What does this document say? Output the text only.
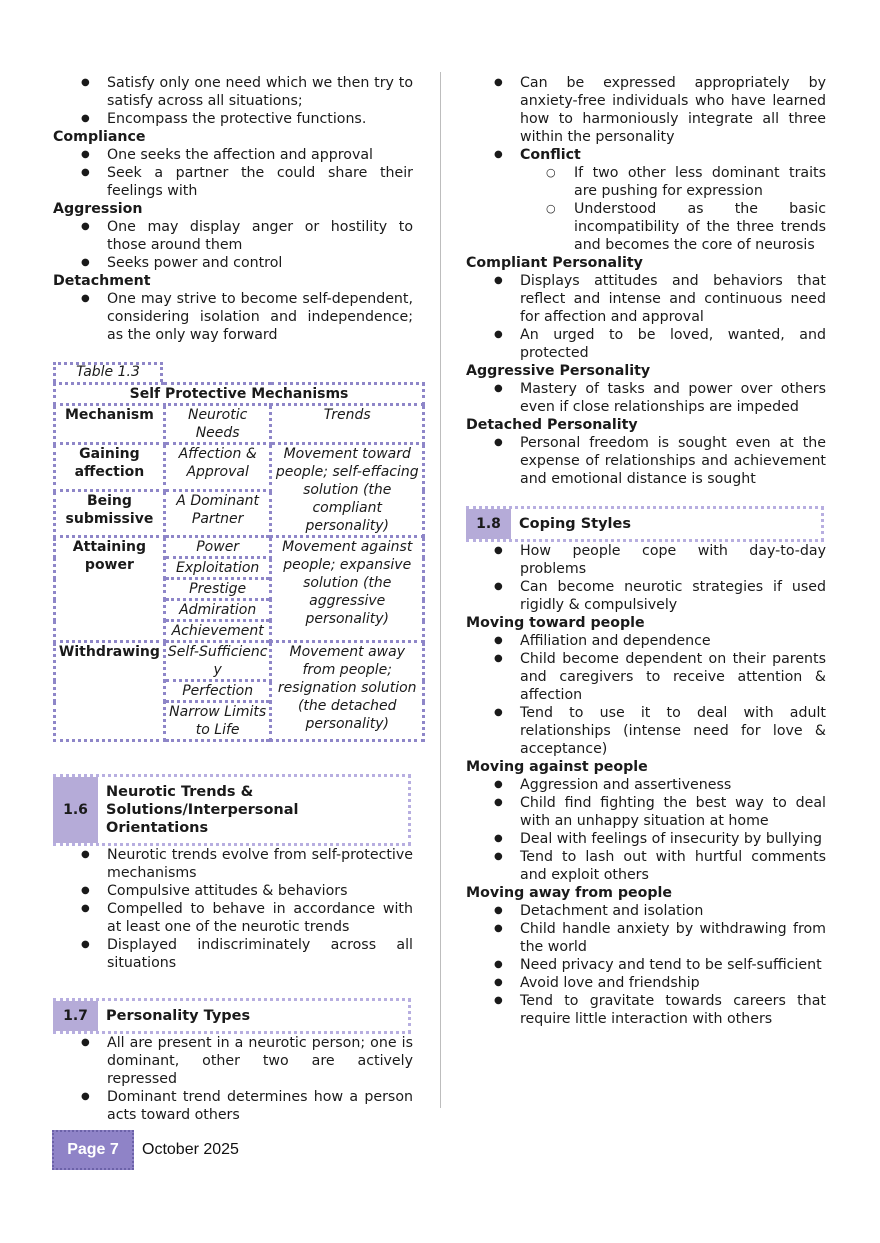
● Satisfy only one need which we then try to satisfy across all situations;
● Encompass the protective functions.
Compliance
● One seeks the affection and approval
● Seek a partner the could share their feelings with
Aggression
● One may display anger or hostility to those around them
● Seeks power and control
Detachment
● One may strive to become self-dependent, considering isolation and independence; as the only way forward
Table 1.3
Self Protective Mechanisms		
Mechanism	Neurotic Needs	Trends
Gaining affection	Affection & Approval	Movement toward people; self-effacing solution (the compliant personality)
Being submissive	A Dominant Partner	
Attaining power	Power	Movement against people; expansive solution (the aggressive personality)
	Exploitation	
	Prestige	
	Admiration	
	Achievement	
Withdrawing	Self-Sufficienc y	Movement away from people; resignation solution (the detached personality)
	Perfection	
	Narrow Limits to Life	
1.6
Neurotic Trends & Solutions/Interpersonal Orientations
● Neurotic trends evolve from self-protective mechanisms
● Compulsive attitudes & behaviors
● Compelled to behave in accordance with at least one of the neurotic trends
● Displayed indiscriminately across all situations
1.7	Personality Types
● All are present in a neurotic person; one is dominant, other two are actively repressed
● Dominant trend determines how a person acts toward others
● Can be expressed appropriately by anxiety-free individuals who have learned how to harmoniously integrate all three within the personality
● Conflict
○ If two other less dominant traits are pushing for expression
○ Understood as the basic incompatibility of the three trends and becomes the core of neurosis
Compliant Personality
● Displays attitudes and behaviors that reflect and intense and continuous need for affection and approval
● An urged to be loved, wanted, and protected
Aggressive Personality
● Mastery of tasks and power over others even if close relationships are impeded
Detached Personality
● Personal freedom is sought even at the expense of relationships and achievement and emotional distance is sought
1.8	Coping Styles
● How people cope with day-to-day problems
● Can become neurotic strategies if used rigidly & compulsively
Moving toward people
● Affiliation and dependence
● Child become dependent on their parents and caregivers to receive attention & affection
● Tend to use it to deal with adult relationships (intense need for love & acceptance)
Moving against people
● Aggression and assertiveness
● Child find fighting the best way to deal with an unhappy situation at home
● Deal with feelings of insecurity by bullying
● Tend to lash out with hurtful comments and exploit others
Moving away from people
● Detachment and isolation
● Child handle anxiety by withdrawing from the world
● Need privacy and tend to be self-sufficient
● Avoid love and friendship
● Tend to gravitate towards careers that require little interaction with others
Page 7	October 2025
